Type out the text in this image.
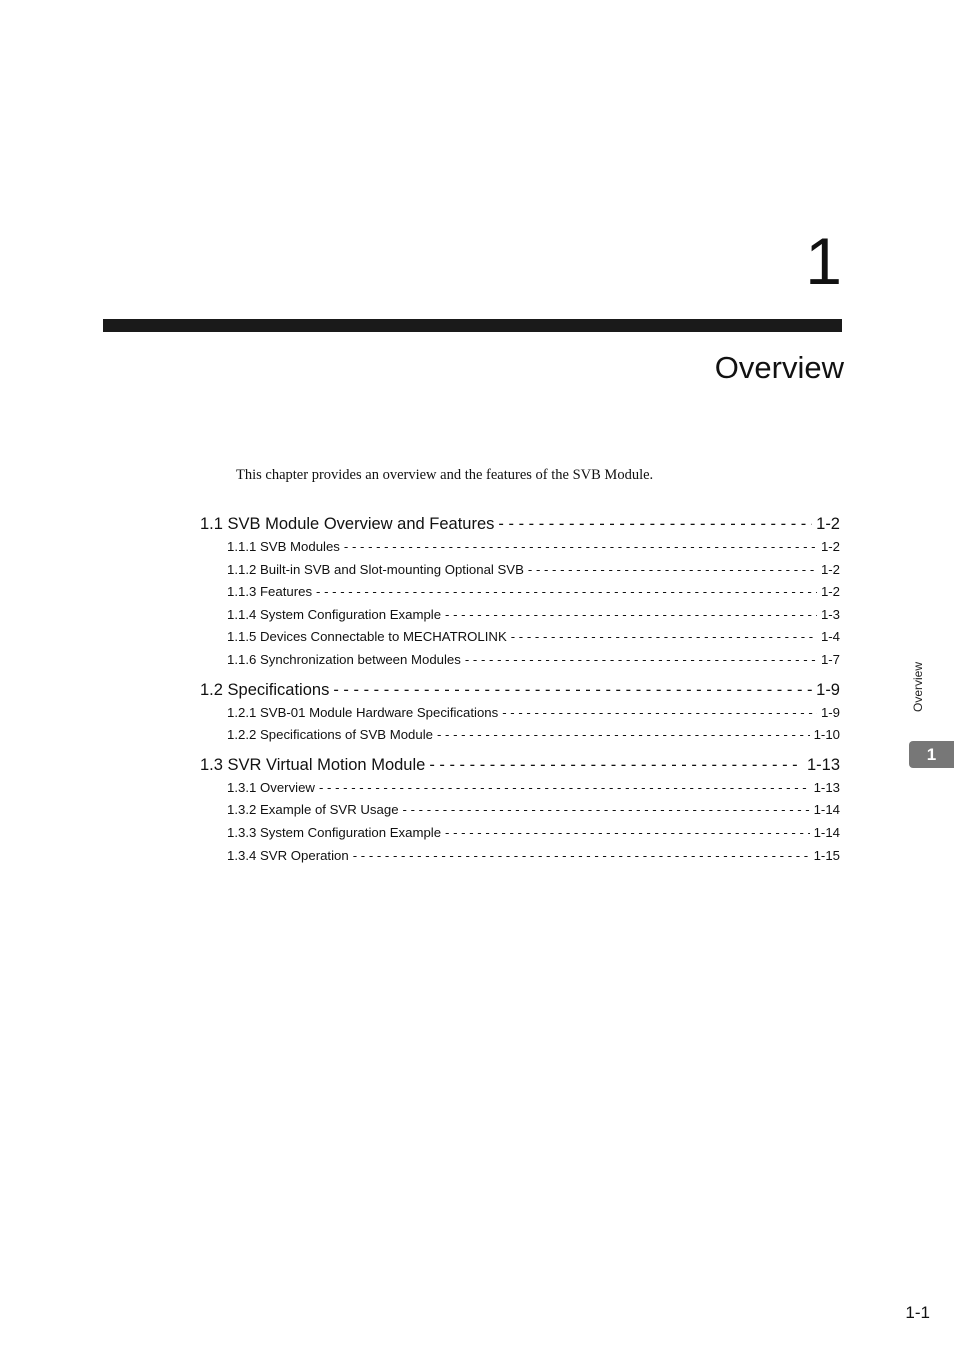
1
Overview
This chapter provides an overview and the features of the SVB Module.
1.1 SVB Module Overview and Features - - -	1-2
1.1.1 SVB Modules - - -	1-2
1.1.2 Built-in SVB and Slot-mounting Optional SVB - - -	1-2
1.1.3 Features - - -	1-2
1.1.4 System Configuration Example - - -	1-3
1.1.5 Devices Connectable to MECHATROLINK - - -	1-4
1.1.6 Synchronization between Modules - - -	1-7
1.2 Specifications - - -	1-9
1.2.1 SVB-01 Module Hardware Specifications - - -	1-9
1.2.2 Specifications of SVB Module - - -	1-10
1.3 SVR Virtual Motion Module - - -	1-13
1.3.1 Overview - - -	1-13
1.3.2 Example of SVR Usage - - -	1-14
1.3.3 System Configuration Example - - -	1-14
1.3.4 SVR Operation - - -	1-15
Overview
1
1-1
